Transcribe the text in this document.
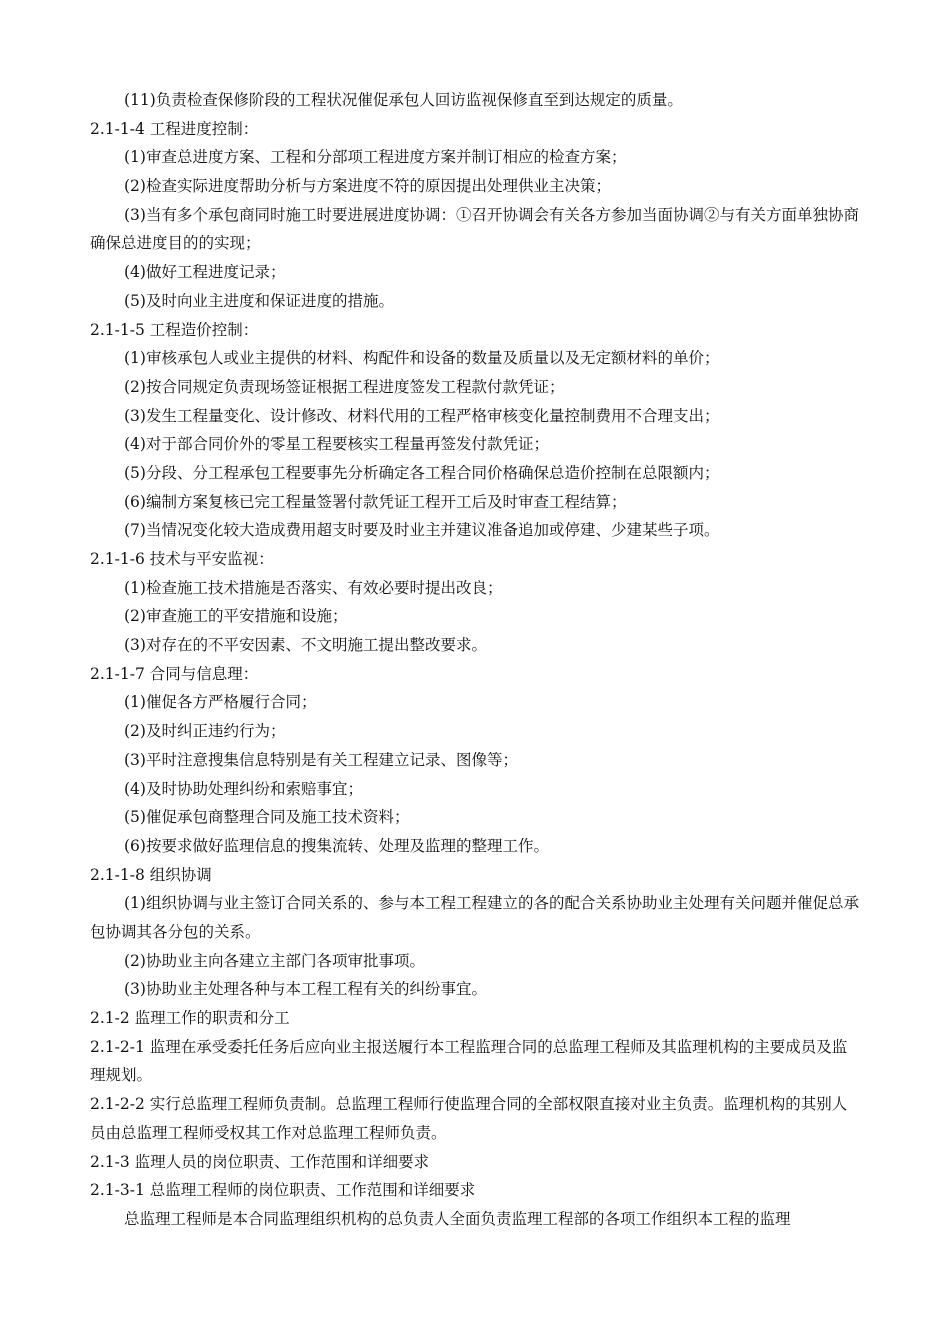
(11)负责检查保修阶段的工程状况催促承包人回访监视保修直至到达规定的质量。
2.1-1-4 工程进度控制：
(1)审查总进度方案、工程和分部项工程进度方案并制订相应的检查方案；
(2)检查实际进度帮助分析与方案进度不符的原因提出处理供业主决策；
(3)当有多个承包商同时施工时要进展进度协调：①召开协调会有关各方参加当面协调②与有关方面单独协商确保总进度目的的实现；
(4)做好工程进度记录；
(5)及时向业主进度和保证进度的措施。
2.1-1-5 工程造价控制：
(1)审核承包人或业主提供的材料、构配件和设备的数量及质量以及无定额材料的单价；
(2)按合同规定负责现场签证根据工程进度签发工程款付款凭证；
(3)发生工程量变化、设计修改、材料代用的工程严格审核变化量控制费用不合理支出；
(4)对于部合同价外的零星工程要核实工程量再签发付款凭证；
(5)分段、分工程承包工程要事先分析确定各工程合同价格确保总造价控制在总限额内；
(6)编制方案复核已完工程量签署付款凭证工程开工后及时审查工程结算；
(7)当情况变化较大造成费用超支时要及时业主并建议准备追加或停建、少建某些子项。
2.1-1-6 技术与平安监视：
(1)检查施工技术措施是否落实、有效必要时提出改良；
(2)审查施工的平安措施和设施；
(3)对存在的不平安因素、不文明施工提出整改要求。
2.1-1-7 合同与信息理：
(1)催促各方严格履行合同；
(2)及时纠正违约行为；
(3)平时注意搜集信息特别是有关工程建立记录、图像等；
(4)及时协助处理纠纷和索赔事宜；
(5)催促承包商整理合同及施工技术资料；
(6)按要求做好监理信息的搜集流转、处理及监理的整理工作。
2.1-1-8 组织协调
(1)组织协调与业主签订合同关系的、参与本工程工程建立的各的配合关系协助业主处理有关问题并催促总承包协调其各分包的关系。
(2)协助业主向各建立主部门各项审批事项。
(3)协助业主处理各种与本工程工程有关的纠纷事宜。
2.1-2 监理工作的职责和分工
2.1-2-1 监理在承受委托任务后应向业主报送履行本工程监理合同的总监理工程师及其监理机构的主要成员及监理规划。
2.1-2-2 实行总监理工程师负责制。总监理工程师行使监理合同的全部权限直接对业主负责。监理机构的其别人员由总监理工程师受权其工作对总监理工程师负责。
2.1-3 监理人员的岗位职责、工作范围和详细要求
2.1-3-1 总监理工程师的岗位职责、工作范围和详细要求
总监理工程师是本合同监理组织机构的总负责人全面负责监理工程部的各项工作组织本工程的监理
